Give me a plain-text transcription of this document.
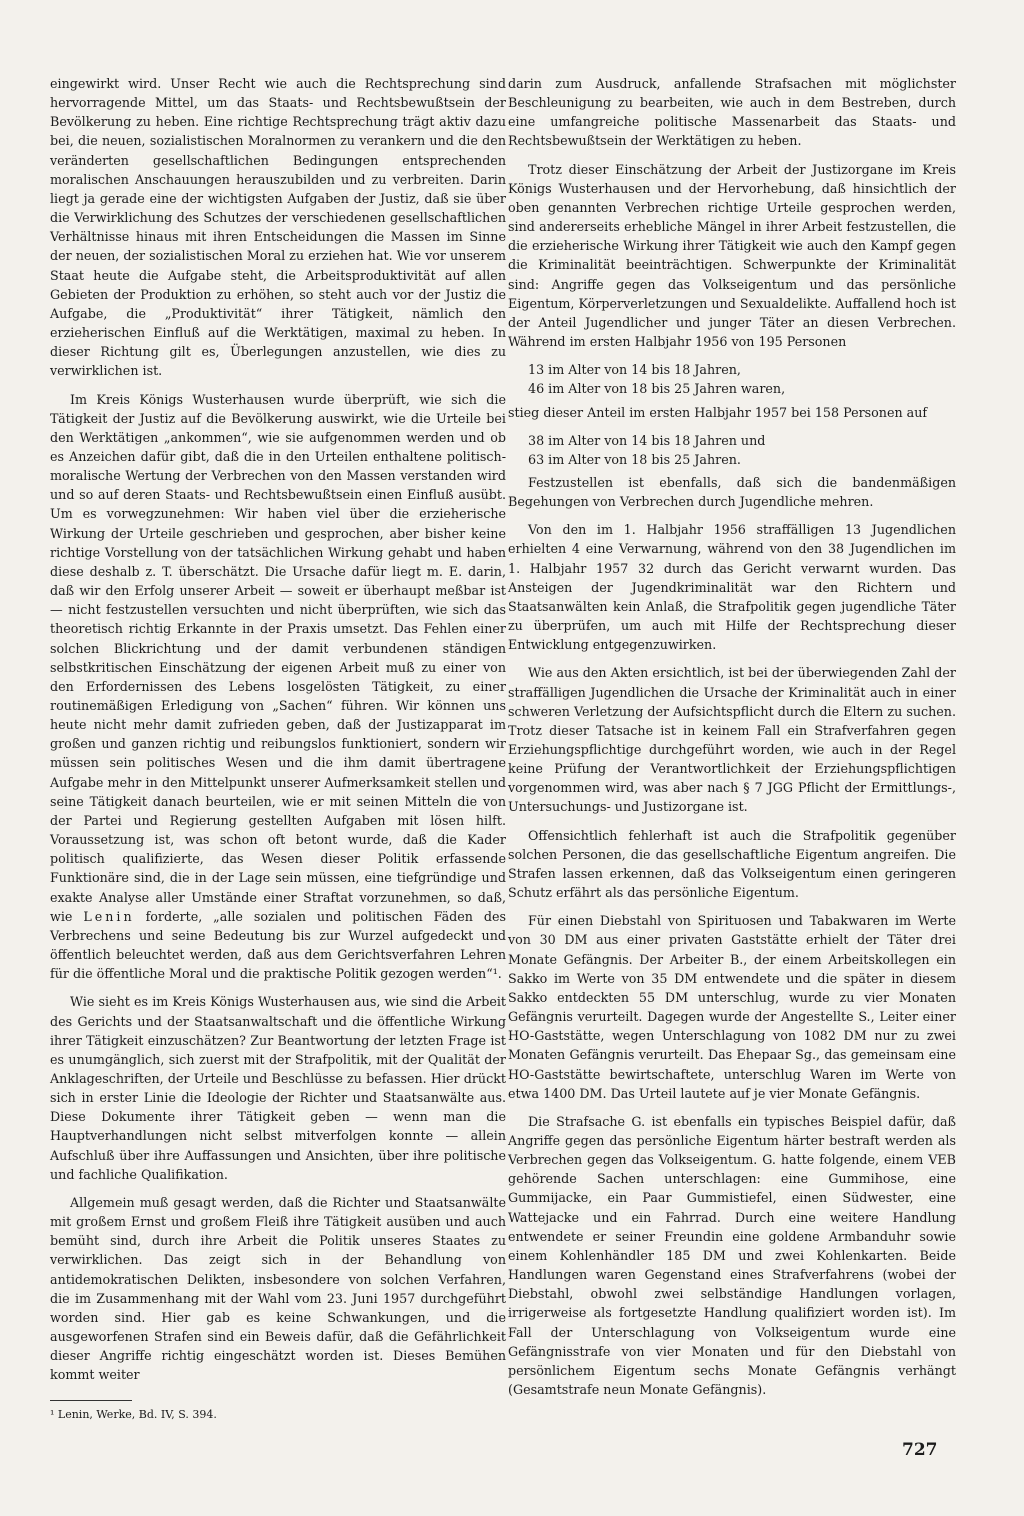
eingewirkt wird. Unser Recht wie auch die Rechtsprechung sind hervorragende Mittel, um das Staats- und Rechtsbewußtsein der Bevölkerung zu heben. Eine richtige Rechtsprechung trägt aktiv dazu bei, die neuen, sozialistischen Moralnormen zu verankern und die den veränderten gesellschaftlichen Bedingungen entsprechenden moralischen Anschauungen herauszubilden und zu verbreiten. Darin liegt ja gerade eine der wichtigsten Aufgaben der Justiz, daß sie über die Verwirklichung des Schutzes der verschiedenen gesellschaftlichen Verhältnisse hinaus mit ihren Entscheidungen die Massen im Sinne der neuen, der sozialistischen Moral zu erziehen hat. Wie vor unserem Staat heute die Aufgabe steht, die Arbeitsproduktivität auf allen Gebieten der Produktion zu erhöhen, so steht auch vor der Justiz die Aufgabe, die „Produktivität“ ihrer Tätigkeit, nämlich den erzieherischen Einfluß auf die Werktätigen, maximal zu heben. In dieser Richtung gilt es, Überlegungen anzustellen, wie dies zu verwirklichen ist.

Im Kreis Königs Wusterhausen wurde überprüft, wie sich die Tätigkeit der Justiz auf die Bevölkerung auswirkt, wie die Urteile bei den Werktätigen „ankommen“, wie sie aufgenommen werden und ob es Anzeichen dafür gibt, daß die in den Urteilen enthaltene politisch-moralische Wertung der Verbrechen von den Massen verstanden wird und so auf deren Staats- und Rechtsbewußtsein einen Einfluß ausübt. Um es vorwegzunehmen: Wir haben viel über die erzieherische Wirkung der Urteile geschrieben und gesprochen, aber bisher keine richtige Vorstellung von der tatsächlichen Wirkung gehabt und haben diese deshalb z. T. überschätzt. Die Ursache dafür liegt m. E. darin, daß wir den Erfolg unserer Arbeit — soweit er überhaupt meßbar ist — nicht festzustellen versuchten und nicht überprüften, wie sich das theoretisch richtig Erkannte in der Praxis umsetzt. Das Fehlen einer solchen Blickrichtung und der damit verbundenen ständigen selbstkritischen Einschätzung der eigenen Arbeit muß zu einer von den Erfordernissen des Lebens losgelösten Tätigkeit, zu einer routinemäßigen Erledigung von „Sachen“ führen. Wir können uns heute nicht mehr damit zufrieden geben, daß der Justizapparat im großen und ganzen richtig und reibungslos funktioniert, sondern wir müssen sein politisches Wesen und die ihm damit übertragene Aufgabe mehr in den Mittelpunkt unserer Aufmerksamkeit stellen und seine Tätigkeit danach beurteilen, wie er mit seinen Mitteln die von der Partei und Regierung gestellten Aufgaben mit lösen hilft. Voraussetzung ist, was schon oft betont wurde, daß die Kader politisch qualifizierte, das Wesen dieser Politik erfassende Funktionäre sind, die in der Lage sein müssen, eine tiefgründige und exakte Analyse aller Umstände einer Straftat vorzunehmen, so daß, wie Lenin forderte, „alle sozialen und politischen Fäden des Verbrechens und seine Bedeutung bis zur Wurzel aufgedeckt und öffentlich beleuchtet werden, daß aus dem Gerichtsverfahren Lehren für die öffentliche Moral und die praktische Politik gezogen werden“¹.

Wie sieht es im Kreis Königs Wusterhausen aus, wie sind die Arbeit des Gerichts und der Staatsanwaltschaft und die öffentliche Wirkung ihrer Tätigkeit einzuschätzen? Zur Beantwortung der letzten Frage ist es unumgänglich, sich zuerst mit der Strafpolitik, mit der Qualität der Anklageschriften, der Urteile und Beschlüsse zu befassen. Hier drückt sich in erster Linie die Ideologie der Richter und Staatsanwälte aus. Diese Dokumente ihrer Tätigkeit geben — wenn man die Hauptverhandlungen nicht selbst mitverfolgen konnte — allein Aufschluß über ihre Auffassungen und Ansichten, über ihre politische und fachliche Qualifikation.

Allgemein muß gesagt werden, daß die Richter und Staatsanwälte mit großem Ernst und großem Fleiß ihre Tätigkeit ausüben und auch bemüht sind, durch ihre Arbeit die Politik unseres Staates zu verwirklichen. Das zeigt sich in der Behandlung von antidemokratischen Delikten, insbesondere von solchen Verfahren, die im Zusammenhang mit der Wahl vom 23. Juni 1957 durchgeführt worden sind. Hier gab es keine Schwankungen, und die ausgeworfenen Strafen sind ein Beweis dafür, daß die Gefährlichkeit dieser Angriffe richtig eingeschätzt worden ist. Dieses Bemühen kommt weiter

¹ Lenin, Werke, Bd. IV, S. 394.

darin zum Ausdruck, anfallende Strafsachen mit möglichster Beschleunigung zu bearbeiten, wie auch in dem Bestreben, durch eine umfangreiche politische Massenarbeit das Staats- und Rechtsbewußtsein der Werktätigen zu heben.

Trotz dieser Einschätzung der Arbeit der Justizorgane im Kreis Königs Wusterhausen und der Hervorhebung, daß hinsichtlich der oben genannten Verbrechen richtige Urteile gesprochen werden, sind andererseits erhebliche Mängel in ihrer Arbeit festzustellen, die die erzieherische Wirkung ihrer Tätigkeit wie auch den Kampf gegen die Kriminalität beeinträchtigen. Schwerpunkte der Kriminalität sind: Angriffe gegen das Volkseigentum und das persönliche Eigentum, Körperverletzungen und Sexualdelikte. Auffallend hoch ist der Anteil Jugendlicher und junger Täter an diesen Verbrechen. Während im ersten Halbjahr 1956 von 195 Personen

13 im Alter von 14 bis 18 Jahren,
46 im Alter von 18 bis 25 Jahren waren,

stieg dieser Anteil im ersten Halbjahr 1957 bei 158 Personen auf

38 im Alter von 14 bis 18 Jahren und
63 im Alter von 18 bis 25 Jahren.

Festzustellen ist ebenfalls, daß sich die bandenmäßigen Begehungen von Verbrechen durch Jugendliche mehren.

Von den im 1. Halbjahr 1956 straffälligen 13 Jugendlichen erhielten 4 eine Verwarnung, während von den 38 Jugendlichen im 1. Halbjahr 1957 32 durch das Gericht verwarnt wurden. Das Ansteigen der Jugendkriminalität war den Richtern und Staatsanwälten kein Anlaß, die Strafpolitik gegen jugendliche Täter zu überprüfen, um auch mit Hilfe der Rechtsprechung dieser Entwicklung entgegenzuwirken.

Wie aus den Akten ersichtlich, ist bei der überwiegenden Zahl der straffälligen Jugendlichen die Ursache der Kriminalität auch in einer schweren Verletzung der Aufsichtspflicht durch die Eltern zu suchen. Trotz dieser Tatsache ist in keinem Fall ein Strafverfahren gegen Erziehungspflichtige durchgeführt worden, wie auch in der Regel keine Prüfung der Verantwortlichkeit der Erziehungspflichtigen vorgenommen wird, was aber nach § 7 JGG Pflicht der Ermittlungs-, Untersuchungs- und Justizorgane ist.

Offensichtlich fehlerhaft ist auch die Strafpolitik gegenüber solchen Personen, die das gesellschaftliche Eigentum angreifen. Die Strafen lassen erkennen, daß das Volkseigentum einen geringeren Schutz erfährt als das persönliche Eigentum.

Für einen Diebstahl von Spirituosen und Tabakwaren im Werte von 30 DM aus einer privaten Gaststätte erhielt der Täter drei Monate Gefängnis. Der Arbeiter B., der einem Arbeitskollegen ein Sakko im Werte von 35 DM entwendete und die später in diesem Sakko entdeckten 55 DM unterschlug, wurde zu vier Monaten Gefängnis verurteilt. Dagegen wurde der Angestellte S., Leiter einer HO-Gaststätte, wegen Unterschlagung von 1082 DM nur zu zwei Monaten Gefängnis verurteilt. Das Ehepaar Sg., das gemeinsam eine HO-Gaststätte bewirtschaftete, unterschlug Waren im Werte von etwa 1400 DM. Das Urteil lautete auf je vier Monate Gefängnis.

Die Strafsache G. ist ebenfalls ein typisches Beispiel dafür, daß Angriffe gegen das persönliche Eigentum härter bestraft werden als Verbrechen gegen das Volkseigentum. G. hatte folgende, einem VEB gehörende Sachen unterschlagen: eine Gummihose, eine Gummijacke, ein Paar Gummistiefel, einen Südwester, eine Wattejacke und ein Fahrrad. Durch eine weitere Handlung entwendete er seiner Freundin eine goldene Armbanduhr sowie einem Kohlenhändler 185 DM und zwei Kohlenkarten. Beide Handlungen waren Gegenstand eines Strafverfahrens (wobei der Diebstahl, obwohl zwei selbständige Handlungen vorlagen, irrigerweise als fortgesetzte Handlung qualifiziert worden ist). Im Fall der Unterschlagung von Volkseigentum wurde eine Gefängnisstrafe von vier Monaten und für den Diebstahl von persönlichem Eigentum sechs Monate Gefängnis verhängt (Gesamtstrafe neun Monate Gefängnis).

727
